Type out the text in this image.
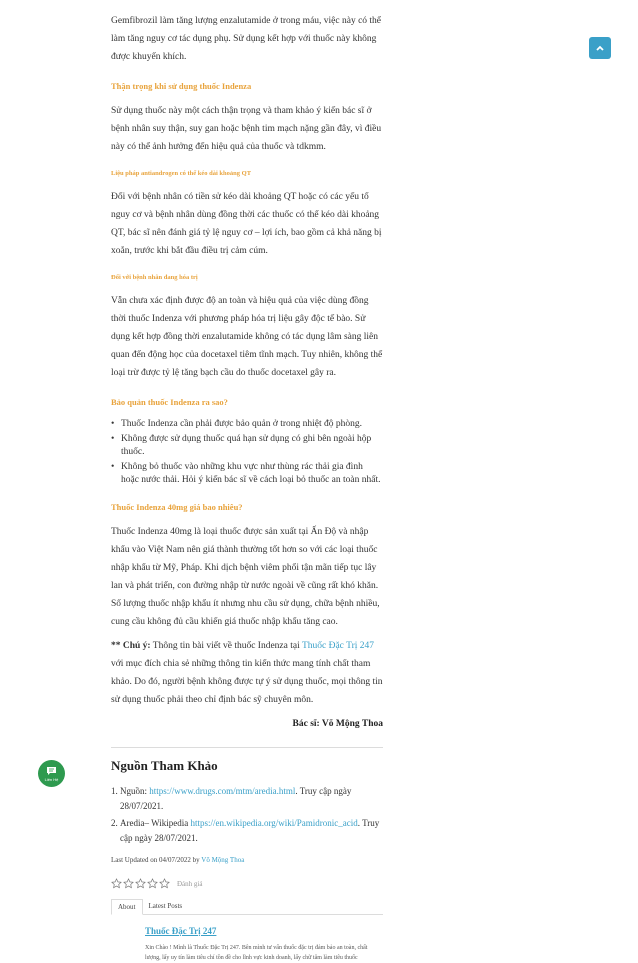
Gemfibrozil làm tăng lượng enzalutamide ở trong máu, việc này có thể làm tăng nguy cơ tác dụng phụ. Sử dụng kết hợp với thuốc này không được khuyến khích.

Thận trọng khi sử dụng thuốc Indenza

Sử dụng thuốc này một cách thận trọng và tham khảo ý kiến bác sĩ ở bệnh nhân suy thận, suy gan hoặc bệnh tim mạch nặng gần đây, vì điều này có thể ảnh hưởng đến hiệu quả của thuốc và tdkmm.

Liệu pháp antiandrogen có thể kéo dài khoảng QT

Đối với bệnh nhân có tiền sử kéo dài khoảng QT hoặc có các yếu tố nguy cơ và bệnh nhân dùng đồng thời các thuốc có thể kéo dài khoảng QT, bác sĩ nên đánh giá tỷ lệ nguy cơ – lợi ích, bao gồm cả khả năng bị xoắn, trước khi bắt đầu điều trị cảm cúm.

Đối với bệnh nhân đang hóa trị

Vẫn chưa xác định được độ an toàn và hiệu quả của việc dùng đồng thời thuốc Indenza với phương pháp hóa trị liệu gây độc tế bào. Sử dụng kết hợp đồng thời enzalutamide không có tác dụng lâm sàng liên quan đến động học của docetaxel tiêm tĩnh mạch. Tuy nhiên, không thể loại trừ được tỷ lệ tăng bạch cầu do thuốc docetaxel gây ra.

Bảo quản thuốc Indenza ra sao?
• Thuốc Indenza cần phải được bảo quản ở trong nhiệt độ phòng.
• Không được sử dụng thuốc quá hạn sử dụng có ghi bên ngoài hộp thuốc.
• Không bỏ thuốc vào những khu vực như thùng rác thải gia đình hoặc nước thải. Hỏi ý kiến bác sĩ về cách loại bỏ thuốc an toàn nhất.
Thuốc Indenza 40mg giá bao nhiêu?

Thuốc Indenza 40mg là loại thuốc được sản xuất tại Ấn Độ và nhập khẩu vào Việt Nam nên giá thành thường tốt hơn so với các loại thuốc nhập khẩu từ Mỹ, Pháp. Khi dịch bệnh viêm phổi tận mãn tiếp tục lây lan và phát triển, con đường nhập từ nước ngoài về cũng rất khó khăn. Số lượng thuốc nhập khẩu ít nhưng nhu cầu sử dụng, chữa bệnh nhiều, cung cầu không đủ cầu khiến giá thuốc nhập khẩu tăng cao.

** Chú ý: Thông tin bài viết về thuốc Indenza tại Thuốc Đặc Trị 247 với mục đích chia sẻ những thông tin kiến thức mang tính chất tham khảo. Do đó, người bệnh không được tự ý sử dụng thuốc, mọi thông tin sử dụng thuốc phải theo chỉ định bác sỹ chuyên môn.

Bác sĩ: Võ Mộng Thoa

Nguồn Tham Khảo
1. Nguồn: https://www.drugs.com/mtm/aredia.html. Truy cập ngày 28/07/2021.
2. Aredia– Wikipedia https://en.wikipedia.org/wiki/Pamidronic_acid. Truy cập ngày 28/07/2021.

Last Updated on 04/07/2022 by Võ Mộng Thoa

Đánh giá
About	Latest Posts
Thuốc Đặc Trị 247

Xin Chào ! Mình là Thuốc Đặc Trị 247. Bên mình tư vấn thuốc đặc trị đảm bảo an toàn, chất lượng, lấy uy tín làm tiêu chí tồn đề cho lĩnh vực kinh doanh, lấy chữ tâm làm tiêu thuốc

Liên Hệ
